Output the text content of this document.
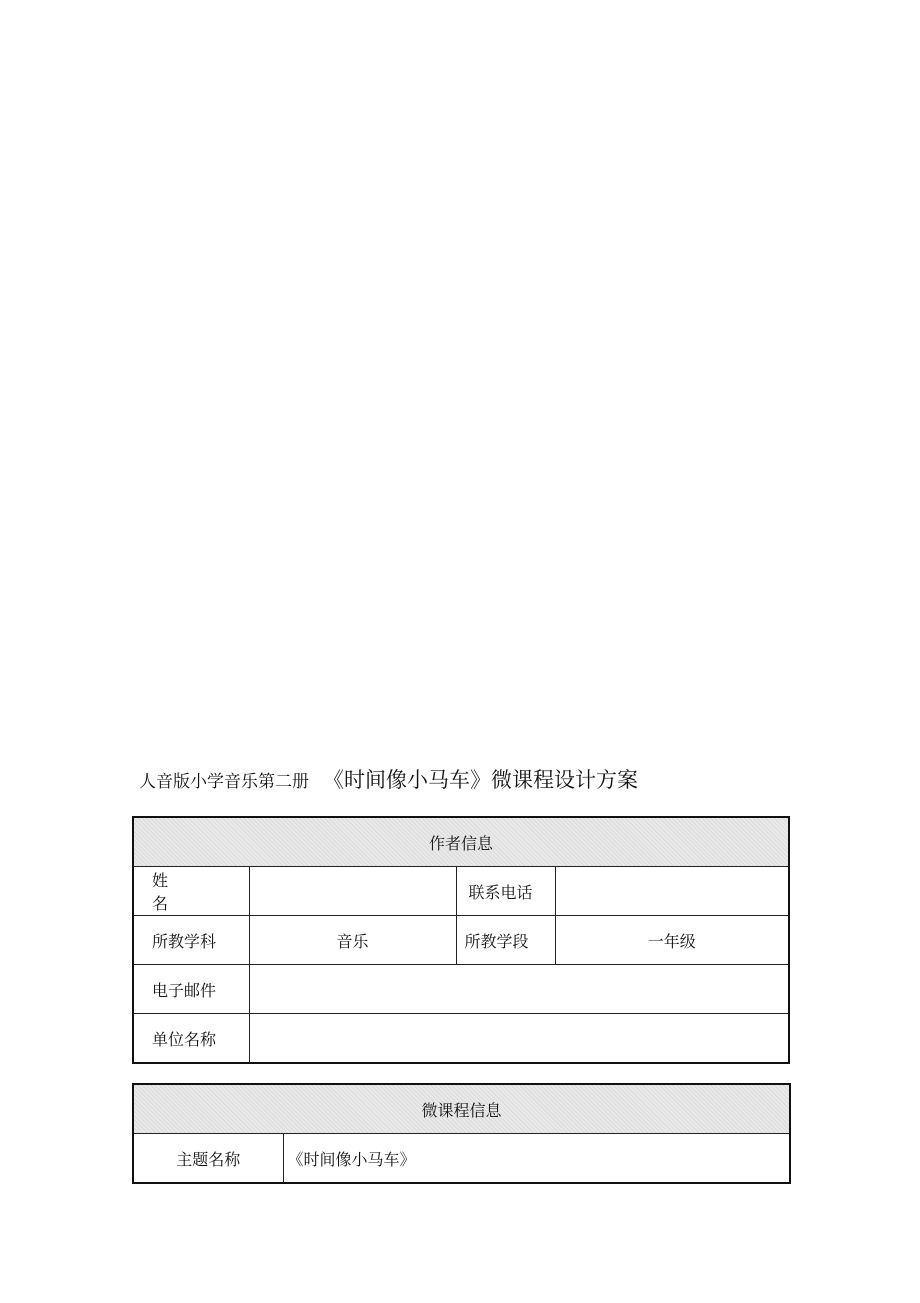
人音版小学音乐第二册 《时间像小马车》微课程设计方案
作者信息			
姓名		联系电话	
所教学科	音乐	所教学段	一年级
电子邮件			
单位名称			
微课程信息
主题名称	《时间像小马车》
